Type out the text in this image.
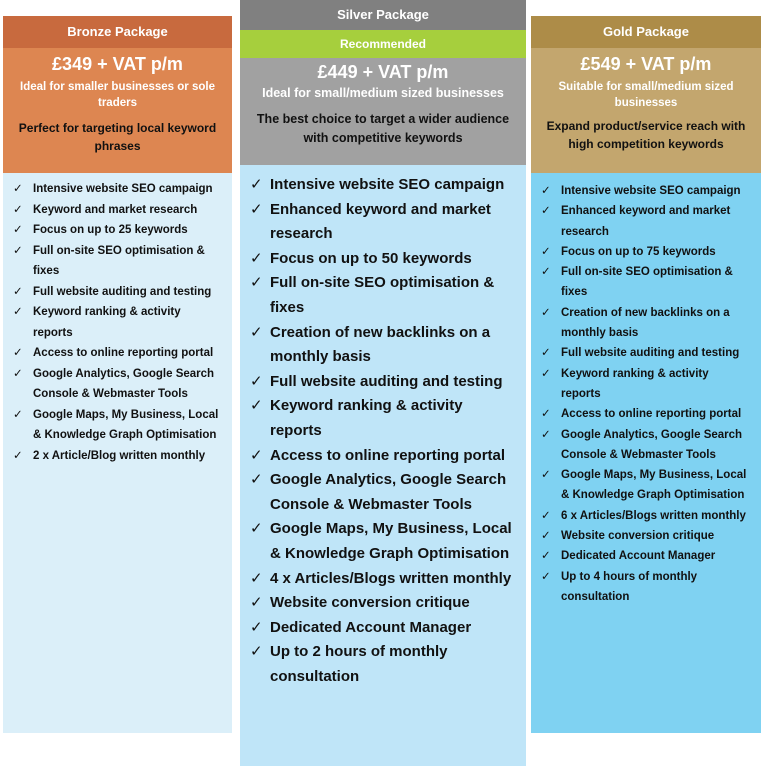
Bronze Package
£349 + VAT p/m
Ideal for smaller businesses or sole traders
Perfect for targeting local keyword phrases
✓ Intensive website SEO campaign
✓ Keyword and market research
✓ Focus on up to 25 keywords
✓ Full on-site SEO optimisation & fixes
✓ Full website auditing and testing
✓ Keyword ranking & activity reports
✓ Access to online reporting portal
✓ Google Analytics, Google Search Console & Webmaster Tools
✓ Google Maps, My Business, Local & Knowledge Graph Optimisation
✓ 2 x Article/Blog written monthly
Silver Package
Recommended
£449 + VAT p/m
Ideal for small/medium sized businesses
The best choice to target a wider audience with competitive keywords
✓ Intensive website SEO campaign
✓ Enhanced keyword and market research
✓ Focus on up to 50 keywords
✓ Full on-site SEO optimisation & fixes
✓ Creation of new backlinks on a monthly basis
✓ Full website auditing and testing
✓ Keyword ranking & activity reports
✓ Access to online reporting portal
✓ Google Analytics, Google Search Console & Webmaster Tools
✓ Google Maps, My Business, Local & Knowledge Graph Optimisation
✓ 4 x Articles/Blogs written monthly
✓ Website conversion critique
✓ Dedicated Account Manager
✓ Up to 2 hours of monthly consultation
Gold Package
£549 + VAT p/m
Suitable for small/medium sized businesses
Expand product/service reach with high competition keywords
✓ Intensive website SEO campaign
✓ Enhanced keyword and market research
✓ Focus on up to 75 keywords
✓ Full on-site SEO optimisation & fixes
✓ Creation of new backlinks on a monthly basis
✓ Full website auditing and testing
✓ Keyword ranking & activity reports
✓ Access to online reporting portal
✓ Google Analytics, Google Search Console & Webmaster Tools
✓ Google Maps, My Business, Local & Knowledge Graph Optimisation
✓ 6 x Articles/Blogs written monthly
✓ Website conversion critique
✓ Dedicated Account Manager
✓ Up to 4 hours of monthly consultation
